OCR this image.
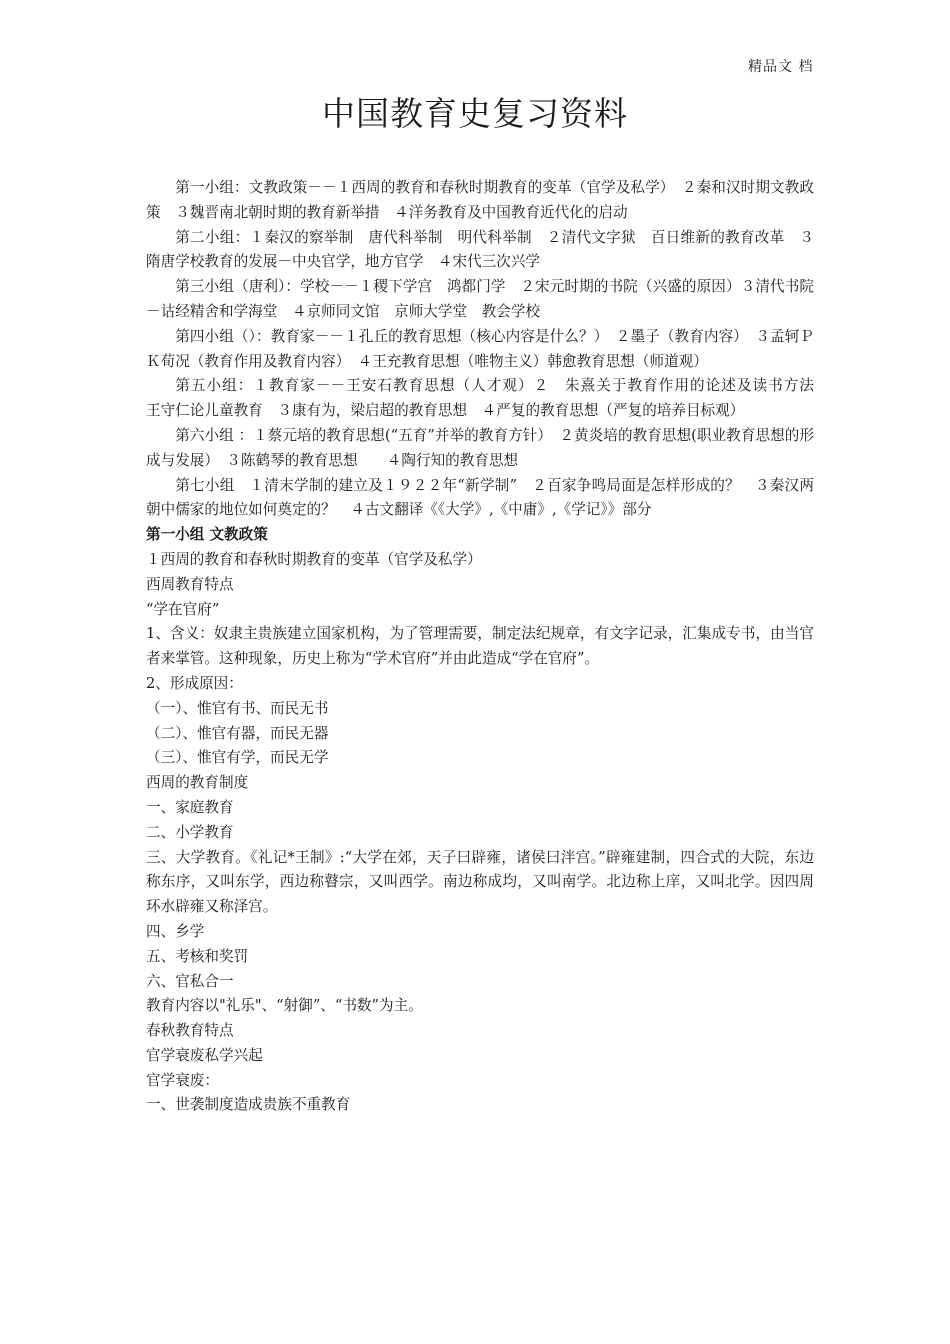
精品文 档
中国教育史复习资料

第一小组：文教政策－－１西周的教育和春秋时期教育的变革（官学及私学）　２秦和汉时期文教政策　３魏晋南北朝时期的教育新举措　４洋务教育及中国教育近代化的启动

第二小组：１秦汉的察举制　唐代科举制　明代科举制　２清代文字狱　百日维新的教育改革　３隋唐学校教育的发展－中央官学，地方官学　４宋代三次兴学

第三小组（唐利）：学校－－１稷下学宫　鸿都门学　２宋元时期的书院（兴盛的原因）３清代书院－诂经精舍和学海堂　４京师同文馆　京师大学堂　教会学校

第四小组（）：教育家－－１孔丘的教育思想（核心内容是什么？）　２墨子（教育内容）　３孟轲ＰＫ荀况（教育作用及教育内容）　４王充教育思想（唯物主义）韩愈教育思想（师道观）

第五小组：１教育家－－王安石教育思想（人才观）２　朱熹关于教育作用的论述及读书方法　　　　王守仁论儿童教育　３康有为，梁启超的教育思想　４严复的教育思想（严复的培养目标观）

第六小组 ：１蔡元培的教育思想(“五育”并举的教育方针）　２黄炎培的教育思想(职业教育思想的形成与发展）　３陈鹤琴的教育思想　　４陶行知的教育思想

第七小组　１清末学制的建立及１９２２年“新学制”　２百家争鸣局面是怎样形成的？　３秦汉两朝中儒家的地位如何奠定的？　４古文翻译《《大学》,《中庸》,《学记》》部分

第一小组 文教政策

１西周的教育和春秋时期教育的变革（官学及私学）

西周教育特点

“学在官府”

1、含义：奴隶主贵族建立国家机构，为了管理需要，制定法纪规章，有文字记录，汇集成专书，由当官者来掌管。这种现象，历史上称为“学术官府”并由此造成“学在官府”。

2、形成原因：

（一）、惟官有书、而民无书

（二）、惟官有器，而民无器

（三）、惟官有学，而民无学

西周的教育制度

一、家庭教育

二、小学教育

三、大学教育。《礼记*王制》:“大学在郊，天子曰辟雍，诸侯曰泮宫。”辟雍建制，四合式的大院，东边称东序，又叫东学，西边称瞽宗，又叫西学。南边称成均，又叫南学。北边称上庠，又叫北学。因四周环水辟雍又称泽宫。

四、乡学

五、考核和奖罚

六、官私合一

教育内容以"礼乐"、“射御”、“书数”为主。

春秋教育特点

官学衰废私学兴起

官学衰废：

一、世袭制度造成贵族不重教育
